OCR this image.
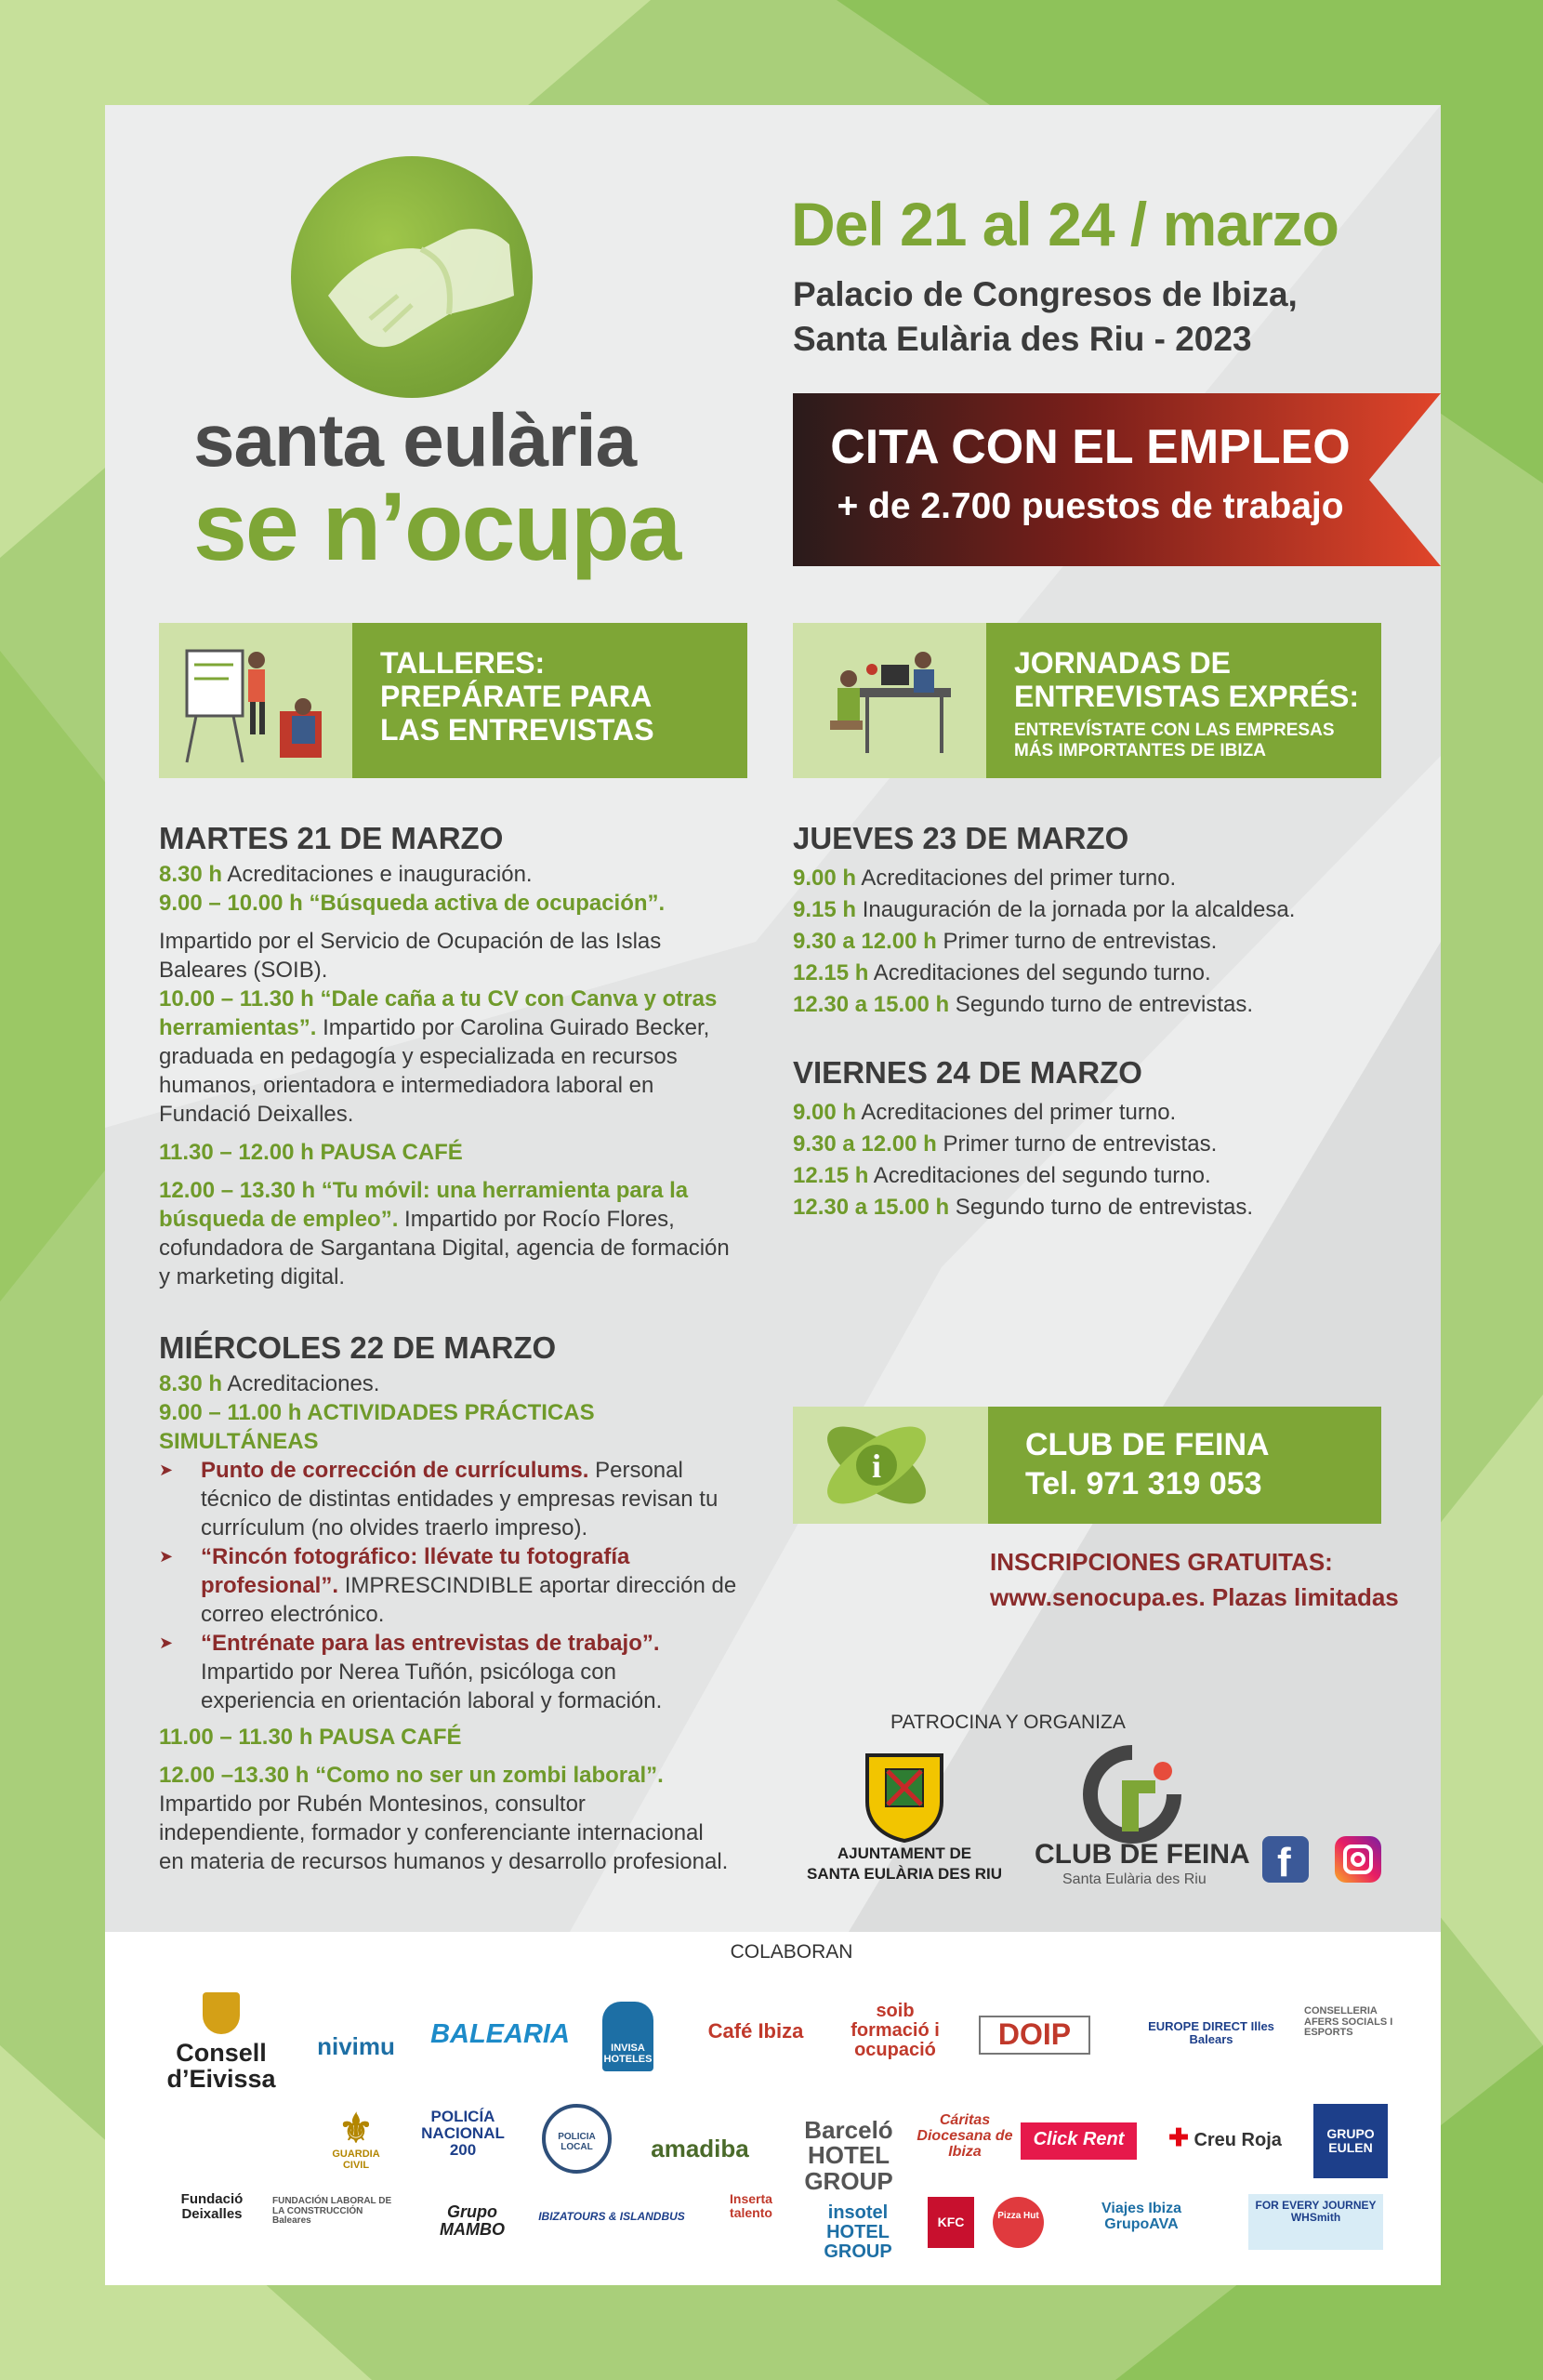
santa eulària
se n’ocupa
Del 21 al 24 / marzo
Palacio de Congresos de Ibiza,
Santa Eulària des Riu - 2023
CITA CON EL EMPLEO
+ de 2.700 puestos de trabajo
TALLERES:
PREPÁRATE PARA
LAS ENTREVISTAS
JORNADAS DE
ENTREVISTAS EXPRÉS:
ENTREVÍSTATE CON LAS EMPRESAS
MÁS IMPORTANTES DE IBIZA
MARTES 21 DE MARZO
8.30 h Acreditaciones e inauguración.
9.00 – 10.00 h “Búsqueda activa de ocupación”.
Impartido por el Servicio de Ocupación de las Islas
Baleares (SOIB).
10.00 – 11.30 h “Dale caña a tu CV con Canva y otras
herramientas”. Impartido por Carolina Guirado Becker,
graduada en pedagogía y especializada en recursos
humanos, orientadora e intermediadora laboral en
Fundació Deixalles.
11.30 – 12.00 h PAUSA CAFÉ
12.00 – 13.30 h “Tu móvil: una herramienta para la
búsqueda de empleo”. Impartido por Rocío Flores,
cofundadora de Sargantana Digital, agencia de formación
y marketing digital.
MIÉRCOLES 22 DE MARZO
8.30 h Acreditaciones.
9.00 – 11.00 h ACTIVIDADES PRÁCTICAS
SIMULTÁNEAS
➤ Punto de corrección de currículums. Personal
técnico de distintas entidades y empresas revisan tu
currículum (no olvides traerlo impreso).
➤ “Rincón fotográfico: llévate tu fotografía
profesional”. IMPRESCINDIBLE aportar dirección de
correo electrónico.
➤ “Entrénate para las entrevistas de trabajo”.
Impartido por Nerea Tuñón, psicóloga con
experiencia en orientación laboral y formación.
11.00 – 11.30 h PAUSA CAFÉ
12.00 –13.30 h “Como no ser un zombi laboral”.
Impartido por Rubén Montesinos, consultor
independiente, formador y conferenciante internacional
en materia de recursos humanos y desarrollo profesional.
JUEVES 23 DE MARZO
9.00 h Acreditaciones del primer turno.
9.15 h Inauguración de la jornada por la alcaldesa.
9.30 a 12.00 h Primer turno de entrevistas.
12.15 h Acreditaciones del segundo turno.
12.30 a 15.00 h Segundo turno de entrevistas.
VIERNES 24 DE MARZO
9.00 h Acreditaciones del primer turno.
9.30 a 12.00 h Primer turno de entrevistas.
12.15 h Acreditaciones del segundo turno.
12.30 a 15.00 h Segundo turno de entrevistas.
i
CLUB DE FEINA
Tel. 971 319 053
INSCRIPCIONES GRATUITAS:
www.senocupa.es. Plazas limitadas
PATROCINA Y ORGANIZA
AJUNTAMENT DE
SANTA EULÀRIA DES RIU
CLUB DE FEINA
Santa Eulària des Riu f
COLABORAN
Consell d’Eivissa
nivimu	BALEARIA	INVISA HOTELES
Café Ibiza
soib formació i ocupació	DOIP	EUROPE DIRECT Illes Balears
CONSELLERIA AFERS SOCIALS I ESPORTS
⚜
GUARDIA CIVIL
POLICÍA NACIONAL 200
POLICIA LOCAL	amadiba
Barceló HOTEL GROUP
Cáritas Diocesana de Ibiza
Click Rent	✚ Creu Roja	GRUPO EULEN
Fundació Deixalles
FUNDACIÓN LABORAL DE LA CONSTRUCCIÓN Baleares	Grupo MAMBO
IBIZATOURS & ISLANDBUS
Inserta talento	insotel HOTEL GROUP
KFC	Pizza Hut	Viajes Ibiza GrupoAVA
FOR EVERY JOURNEY WHSmith
